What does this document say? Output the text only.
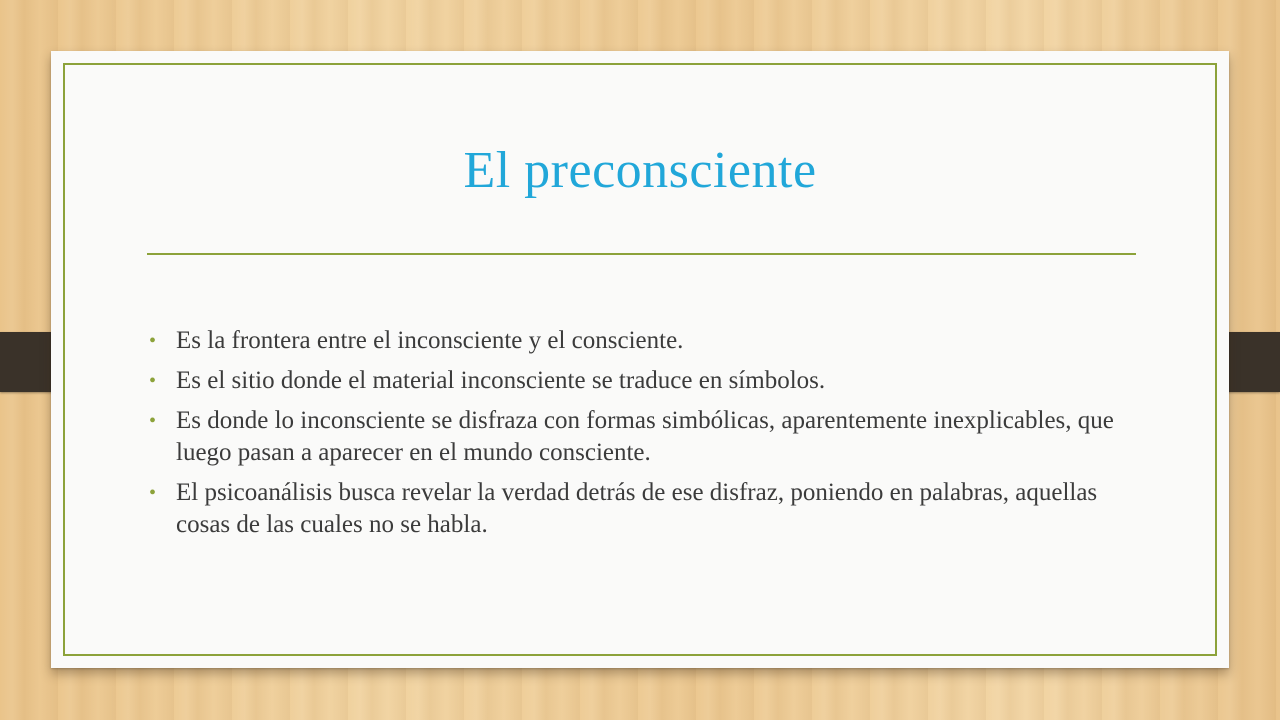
El preconsciente
• Es la frontera entre el inconsciente y el consciente.
• Es el sitio donde el material inconsciente se traduce en símbolos.
• Es donde lo inconsciente se disfraza con formas simbólicas, aparentemente inexplicables, que luego pasan a aparecer en el mundo consciente.
• El psicoanálisis busca revelar la verdad detrás de ese disfraz, poniendo en palabras, aquellas cosas de las cuales no se habla.
